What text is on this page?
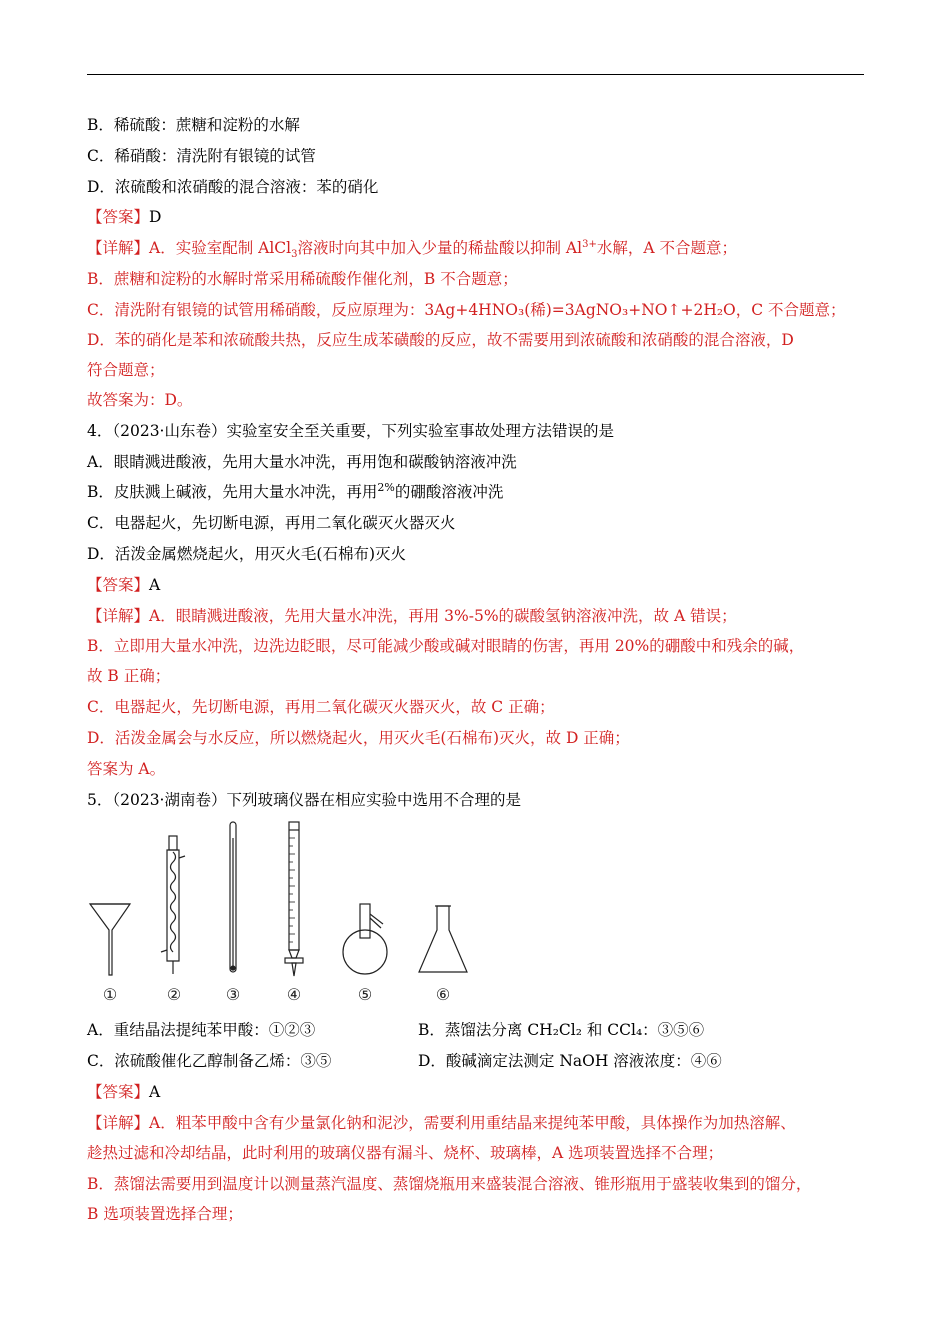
B．稀硫酸：蔗糖和淀粉的水解
C．稀硝酸：清洗附有银镜的试管
D．浓硫酸和浓硝酸的混合溶液：苯的硝化
【答案】D
【详解】A．实验室配制 AlCl$_3$溶液时向其中加入少量的稀盐酸以抑制 $Al^{3+}$水解，A 不合题意；
B．蔗糖和淀粉的水解时常采用稀硫酸作催化剂，B 不合题意；
C．清洗附有银镜的试管用稀硝酸，反应原理为：3Ag+4HNO₃(稀)=3AgNO₃+NO↑+2H₂O，C 不合题意；
D．苯的硝化是苯和浓硫酸共热，反应生成苯磺酸的反应，故不需要用到浓硫酸和浓硝酸的混合溶液，D
符合题意；
故答案为：D。
4．（2023·山东卷）实验室安全至关重要，下列实验室事故处理方法错误的是
A．眼睛溅进酸液，先用大量水冲洗，再用饱和碳酸钠溶液冲洗
B．皮肤溅上碱液，先用大量水冲洗，再用$^{2\%}$的硼酸溶液冲洗
C．电器起火，先切断电源，再用二氧化碳灭火器灭火
D．活泼金属燃烧起火，用灭火毛(石棉布)灭火
【答案】A
【详解】A．眼睛溅进酸液，先用大量水冲洗，再用 3%-5%的碳酸氢钠溶液冲洗，故 A 错误；
B．立即用大量水冲洗，边洗边眨眼，尽可能减少酸或碱对眼睛的伤害，再用 20%的硼酸中和残余的碱，
故 B 正确；
C．电器起火，先切断电源，再用二氧化碳灭火器灭火，故 C 正确；
D．活泼金属会与水反应，所以燃烧起火，用灭火毛(石棉布)灭火，故 D 正确；
答案为 A。
5．（2023·湖南卷）下列玻璃仪器在相应实验中选用不合理的是
①	②	③	④	⑤	⑥
A．重结晶法提纯苯甲酸：①②③	B．蒸馏法分离 CH₂Cl₂ 和 CCl₄：③⑤⑥
C．浓硫酸催化乙醇制备乙烯：③⑤	D．酸碱滴定法测定 NaOH 溶液浓度：④⑥
【答案】A
【详解】A．粗苯甲酸中含有少量氯化钠和泥沙，需要利用重结晶来提纯苯甲酸，具体操作为加热溶解、
趁热过滤和冷却结晶，此时利用的玻璃仪器有漏斗、烧杯、玻璃棒，A 选项装置选择不合理；
B．蒸馏法需要用到温度计以测量蒸汽温度、蒸馏烧瓶用来盛装混合溶液、锥形瓶用于盛装收集到的馏分，
B 选项装置选择合理；
